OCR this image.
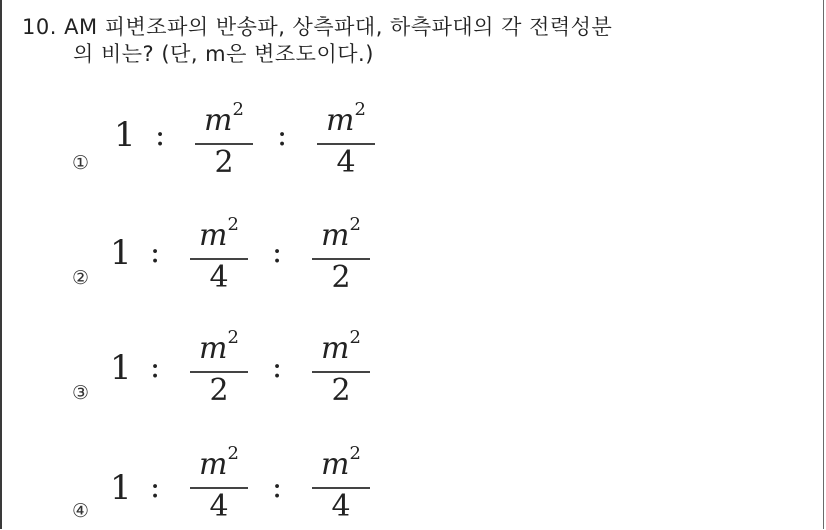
10. AM 피변조파의 반송파, 상측파대, 하측파대의 각 전력성분
의 비는? (단, m은 변조도이다.)
①
1 :	$m^2$
2
:	$m^2$
4
②
1 :	$m^2$
4
:	$m^2$
2
③
1 :
$m^2$
2
:
$m^2$
2
④
1 :
$m^2$
4
:
$m^2$
4
